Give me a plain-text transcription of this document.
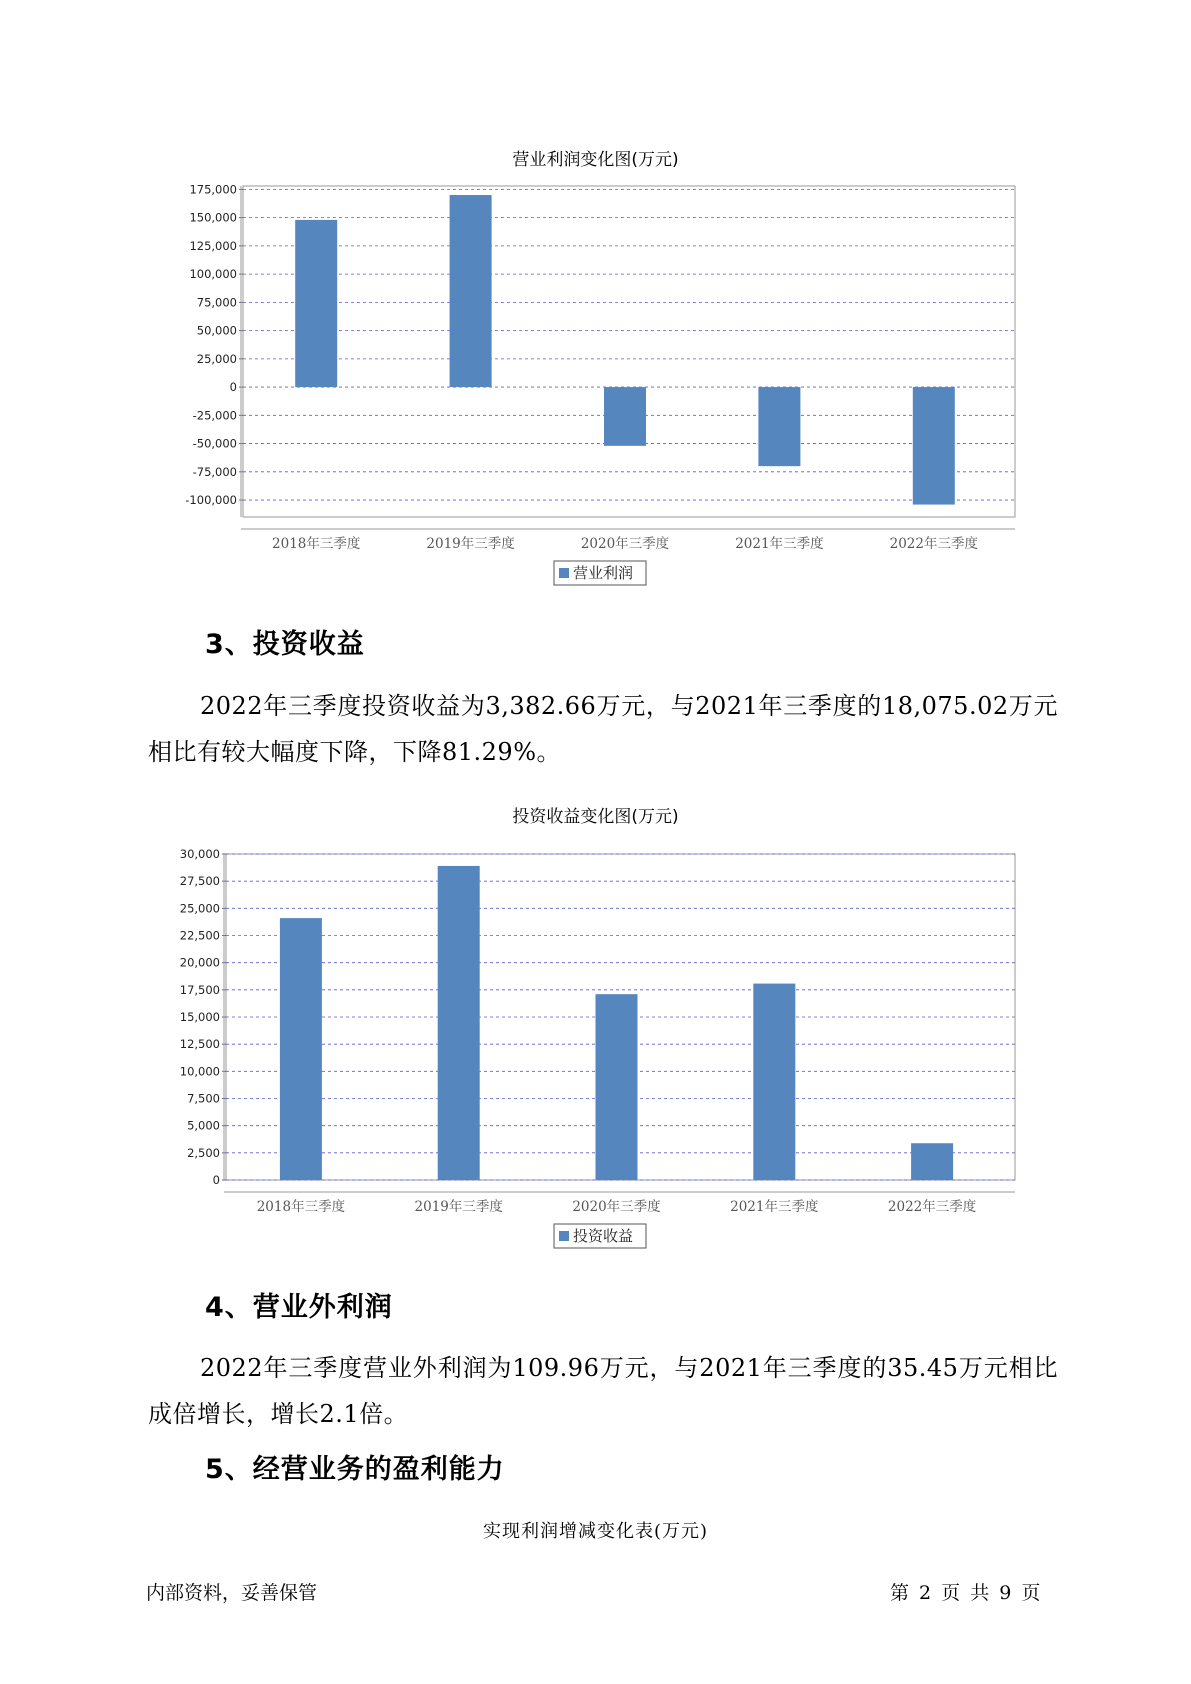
营业利润变化图(万元)
175,000
150,000
125,000
100,000
75,000
50,000
25,000
0
-25,000
-50,000
-75,000
-100,000
2018年三季度	2019年三季度	2020年三季度	2021年三季度	2022年三季度
营业利润
3、投资收益
2022年三季度投资收益为3,382.66万元，与2021年三季度的18,075.02万元相比有较大幅度下降，下降81.29%。
投资收益变化图(万元)
30,000
27,500
25,000
22,500
20,000
17,500
15,000
12,500
10,000
7,500
5,000
2,500
0
2018年三季度	2019年三季度	2020年三季度	2021年三季度	2022年三季度
投资收益
4、营业外利润
2022年三季度营业外利润为109.96万元，与2021年三季度的35.45万元相比成倍增长，增长2.1倍。
5、经营业务的盈利能力
实现利润增减变化表(万元)
内部资料，妥善保管	第 2 页 共 9 页
